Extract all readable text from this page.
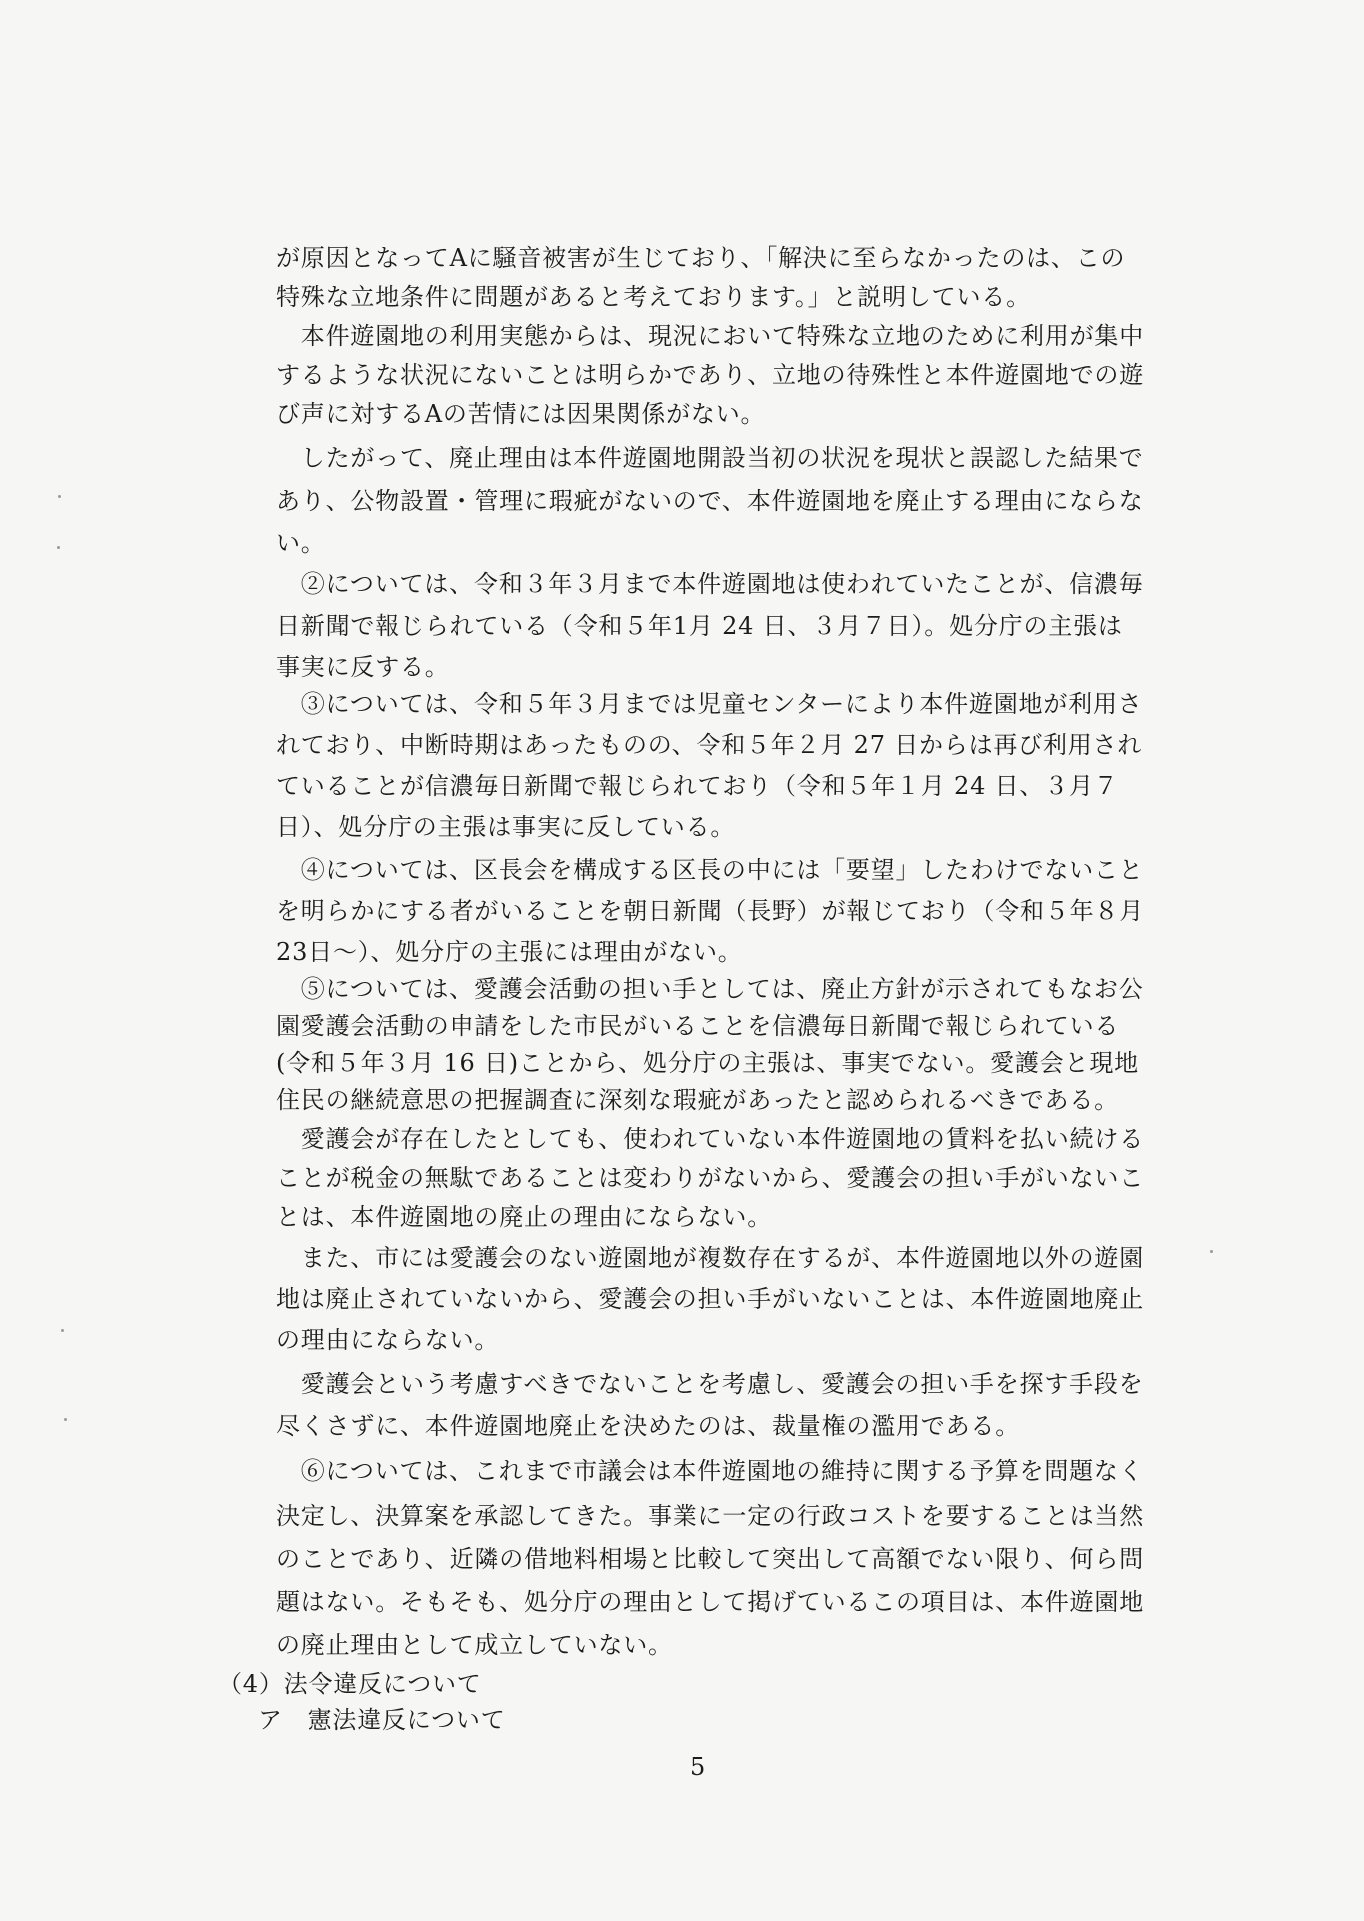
が原因となってAに騒音被害が生じており、「解決に至らなかったのは、この
特殊な立地条件に問題があると考えております。」と説明している。
　本件遊園地の利用実態からは、現況において特殊な立地のために利用が集中
するような状況にないことは明らかであり、立地の待殊性と本件遊園地での遊
び声に対するAの苦情には因果関係がない。
　したがって、廃止理由は本件遊園地開設当初の状況を現状と誤認した結果で
あり、公物設置・管理に瑕疵がないので、本件遊園地を廃止する理由にならな
い。
　②については、令和３年３月まで本件遊園地は使われていたことが、信濃毎
日新聞で報じられている（令和５年1月 24 日、３月７日）。処分庁の主張は
事実に反する。
　③については、令和５年３月までは児童センターにより本件遊園地が利用さ
れており、中断時期はあったものの、令和５年２月 27 日からは再び利用され
ていることが信濃毎日新聞で報じられており（令和５年１月 24 日、３月７
日）、処分庁の主張は事実に反している。
　④については、区長会を構成する区長の中には「要望」したわけでないこと
を明らかにする者がいることを朝日新聞（長野）が報じており（令和５年８月
23日～）、処分庁の主張には理由がない。
　⑤については、愛護会活動の担い手としては、廃止方針が示されてもなお公
園愛護会活動の申請をした市民がいることを信濃毎日新聞で報じられている
(令和５年３月 16 日)ことから、処分庁の主張は、事実でない。愛護会と現地
住民の継続意思の把握調査に深刻な瑕疵があったと認められるべきである。
　愛護会が存在したとしても、使われていない本件遊園地の賃料を払い続ける
ことが税金の無駄であることは変わりがないから、愛護会の担い手がいないこ
とは、本件遊園地の廃止の理由にならない。
　また、市には愛護会のない遊園地が複数存在するが、本件遊園地以外の遊園
地は廃止されていないから、愛護会の担い手がいないことは、本件遊園地廃止
の理由にならない。
　愛護会という考慮すべきでないことを考慮し、愛護会の担い手を探す手段を
尽くさずに、本件遊園地廃止を決めたのは、裁量権の濫用である。
　⑥については、これまで市議会は本件遊園地の維持に関する予算を問題なく
決定し、決算案を承認してきた。事業に一定の行政コストを要することは当然
のことであり、近隣の借地料相場と比較して突出して高額でない限り、何ら問
題はない。そもそも、処分庁の理由として掲げているこの項目は、本件遊園地
の廃止理由として成立していない。
（4）法令違反について
ア　憲法違反について
5
